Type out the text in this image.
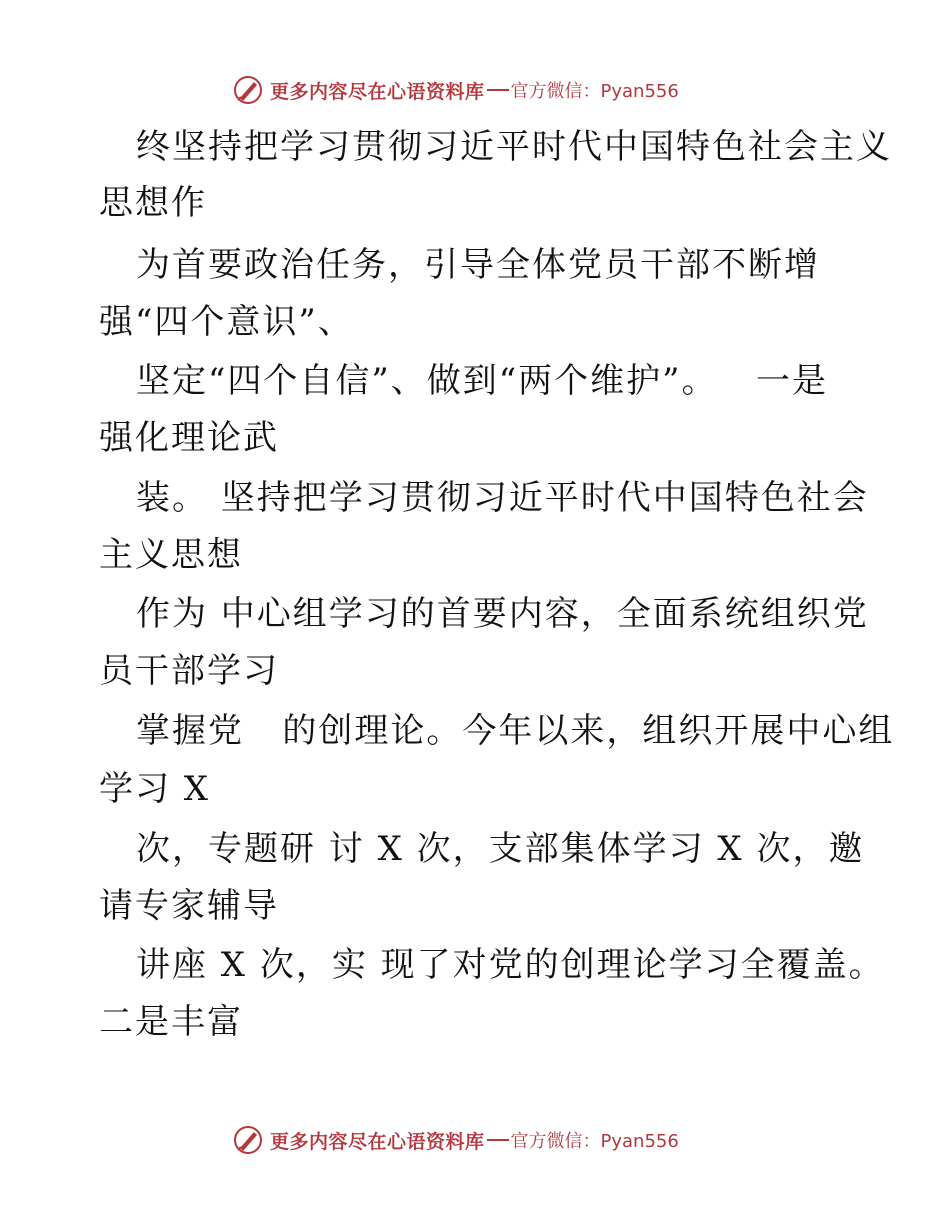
更多内容尽在心语资料库 官方微信：Pyan556
终坚持把学习贯彻习近平时代中国特色社会主义
思想作
为首要政治任务，引导全体党员干部不断增
强“四个意识”、
坚定“四个自信”、做到“两个维护”。   一是
强化理论武
装。 坚持把学习贯彻习近平时代中国特色社会
主义思想
作为 中心组学习的首要内容，全面系统组织党
员干部学习
掌握党   的创理论。今年以来，组织开展中心组
学习 X
次，专题研 讨 X 次，支部集体学习 X 次，邀
请专家辅导
讲座 X 次，实 现了对党的创理论学习全覆盖。
二是丰富
更多内容尽在心语资料库 官方微信：Pyan556
